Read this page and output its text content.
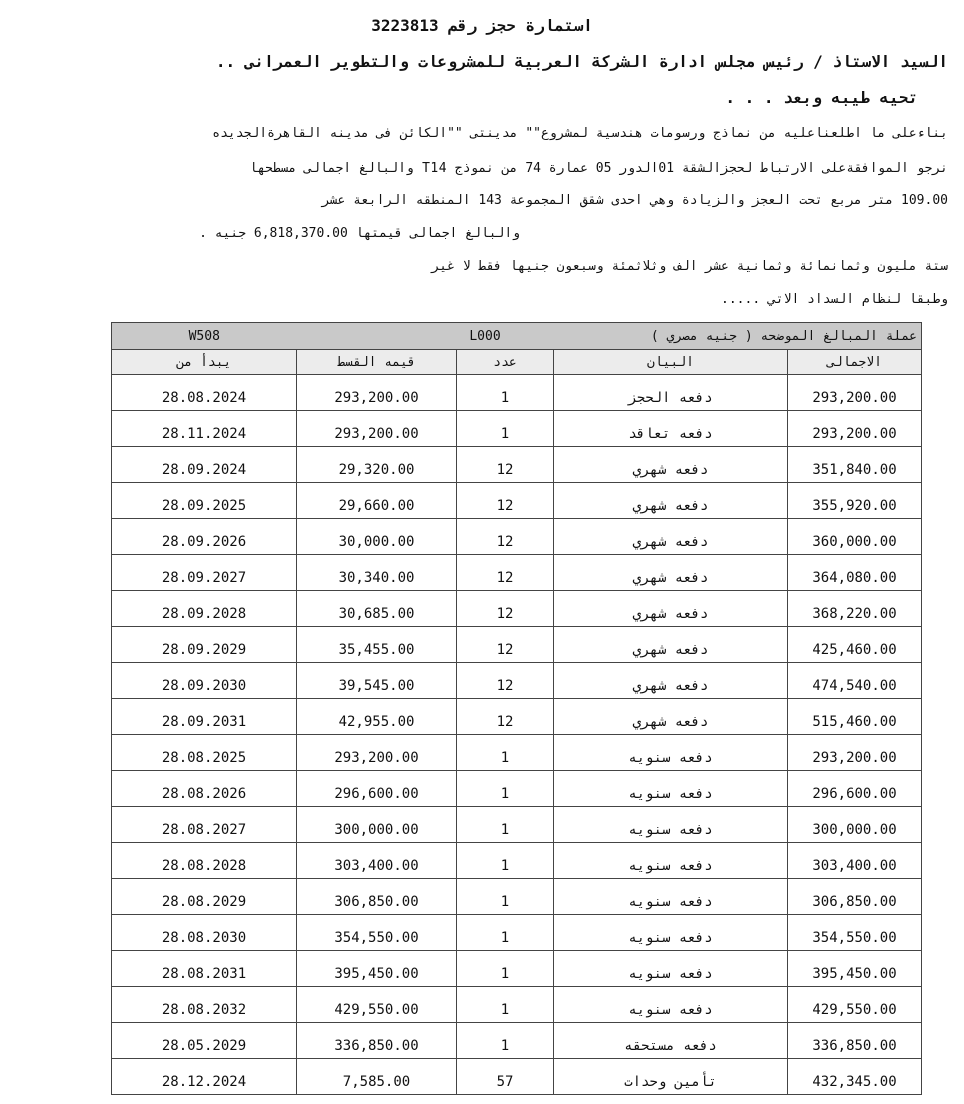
استمارة حجز رقم 3223813
السيد الاستاذ / رئيس مجلس ادارة الشركة العربية للمشروعات والتطوير العمرانى ..
تحيه طيبه وبعد . . .
بناءعلى ما اطلعناعليه من نماذج ورسومات هندسية لمشروع"" مدينتى ""الكائن فى مدينه القاهرةالجديده
نرجو الموافقةعلى الارتباط لحجزالشقة 01الدور 05 عمارة 74 من نموذج T14 والبالغ اجمالى مسطحها
109.00 متر مربع تحت العجز والزيادة وهي احدى شقق المجموعة 143 المنطقه الرابعة عشر
والبالغ اجمالى قيمتها 6,818,370.00 جنيه .
ستة مليون وثمانمائة وثمانية عشر الف وثلاثمئة وسبعون جنيها فقط لا غير
وطبقا لنظام السداد الاتي .....
W508	L000		عملة المبالغ الموضحه ( جنيه مصري )	
يبدأ من	قيمه القسط	عدد	البيان	الاجمالى

28.08.2024	293,200.00	1	دفعه الحجز	293,200.00

28.11.2024	293,200.00	1	دفعه تعاقد	293,200.00

28.09.2024	29,320.00	12	دفعه شهري	351,840.00

28.09.2025	29,660.00	12	دفعه شهري	355,920.00

28.09.2026	30,000.00	12	دفعه شهري	360,000.00

28.09.2027	30,340.00	12	دفعه شهري	364,080.00

28.09.2028	30,685.00	12	دفعه شهري	368,220.00

28.09.2029	35,455.00	12	دفعه شهري	425,460.00

28.09.2030	39,545.00	12	دفعه شهري	474,540.00

28.09.2031	42,955.00	12	دفعه شهري	515,460.00

28.08.2025	293,200.00	1	دفعه سنويه	293,200.00

28.08.2026	296,600.00	1	دفعه سنويه	296,600.00

28.08.2027	300,000.00	1	دفعه سنويه	300,000.00

28.08.2028	303,400.00	1	دفعه سنويه	303,400.00

28.08.2029	306,850.00	1	دفعه سنويه	306,850.00

28.08.2030	354,550.00	1	دفعه سنويه	354,550.00

28.08.2031	395,450.00	1	دفعه سنويه	395,450.00

28.08.2032	429,550.00	1	دفعه سنويه	429,550.00

28.05.2029	336,850.00	1	دفعه مستحقه	336,850.00

28.12.2024	7,585.00	57	تأمين وحدات	432,345.00
